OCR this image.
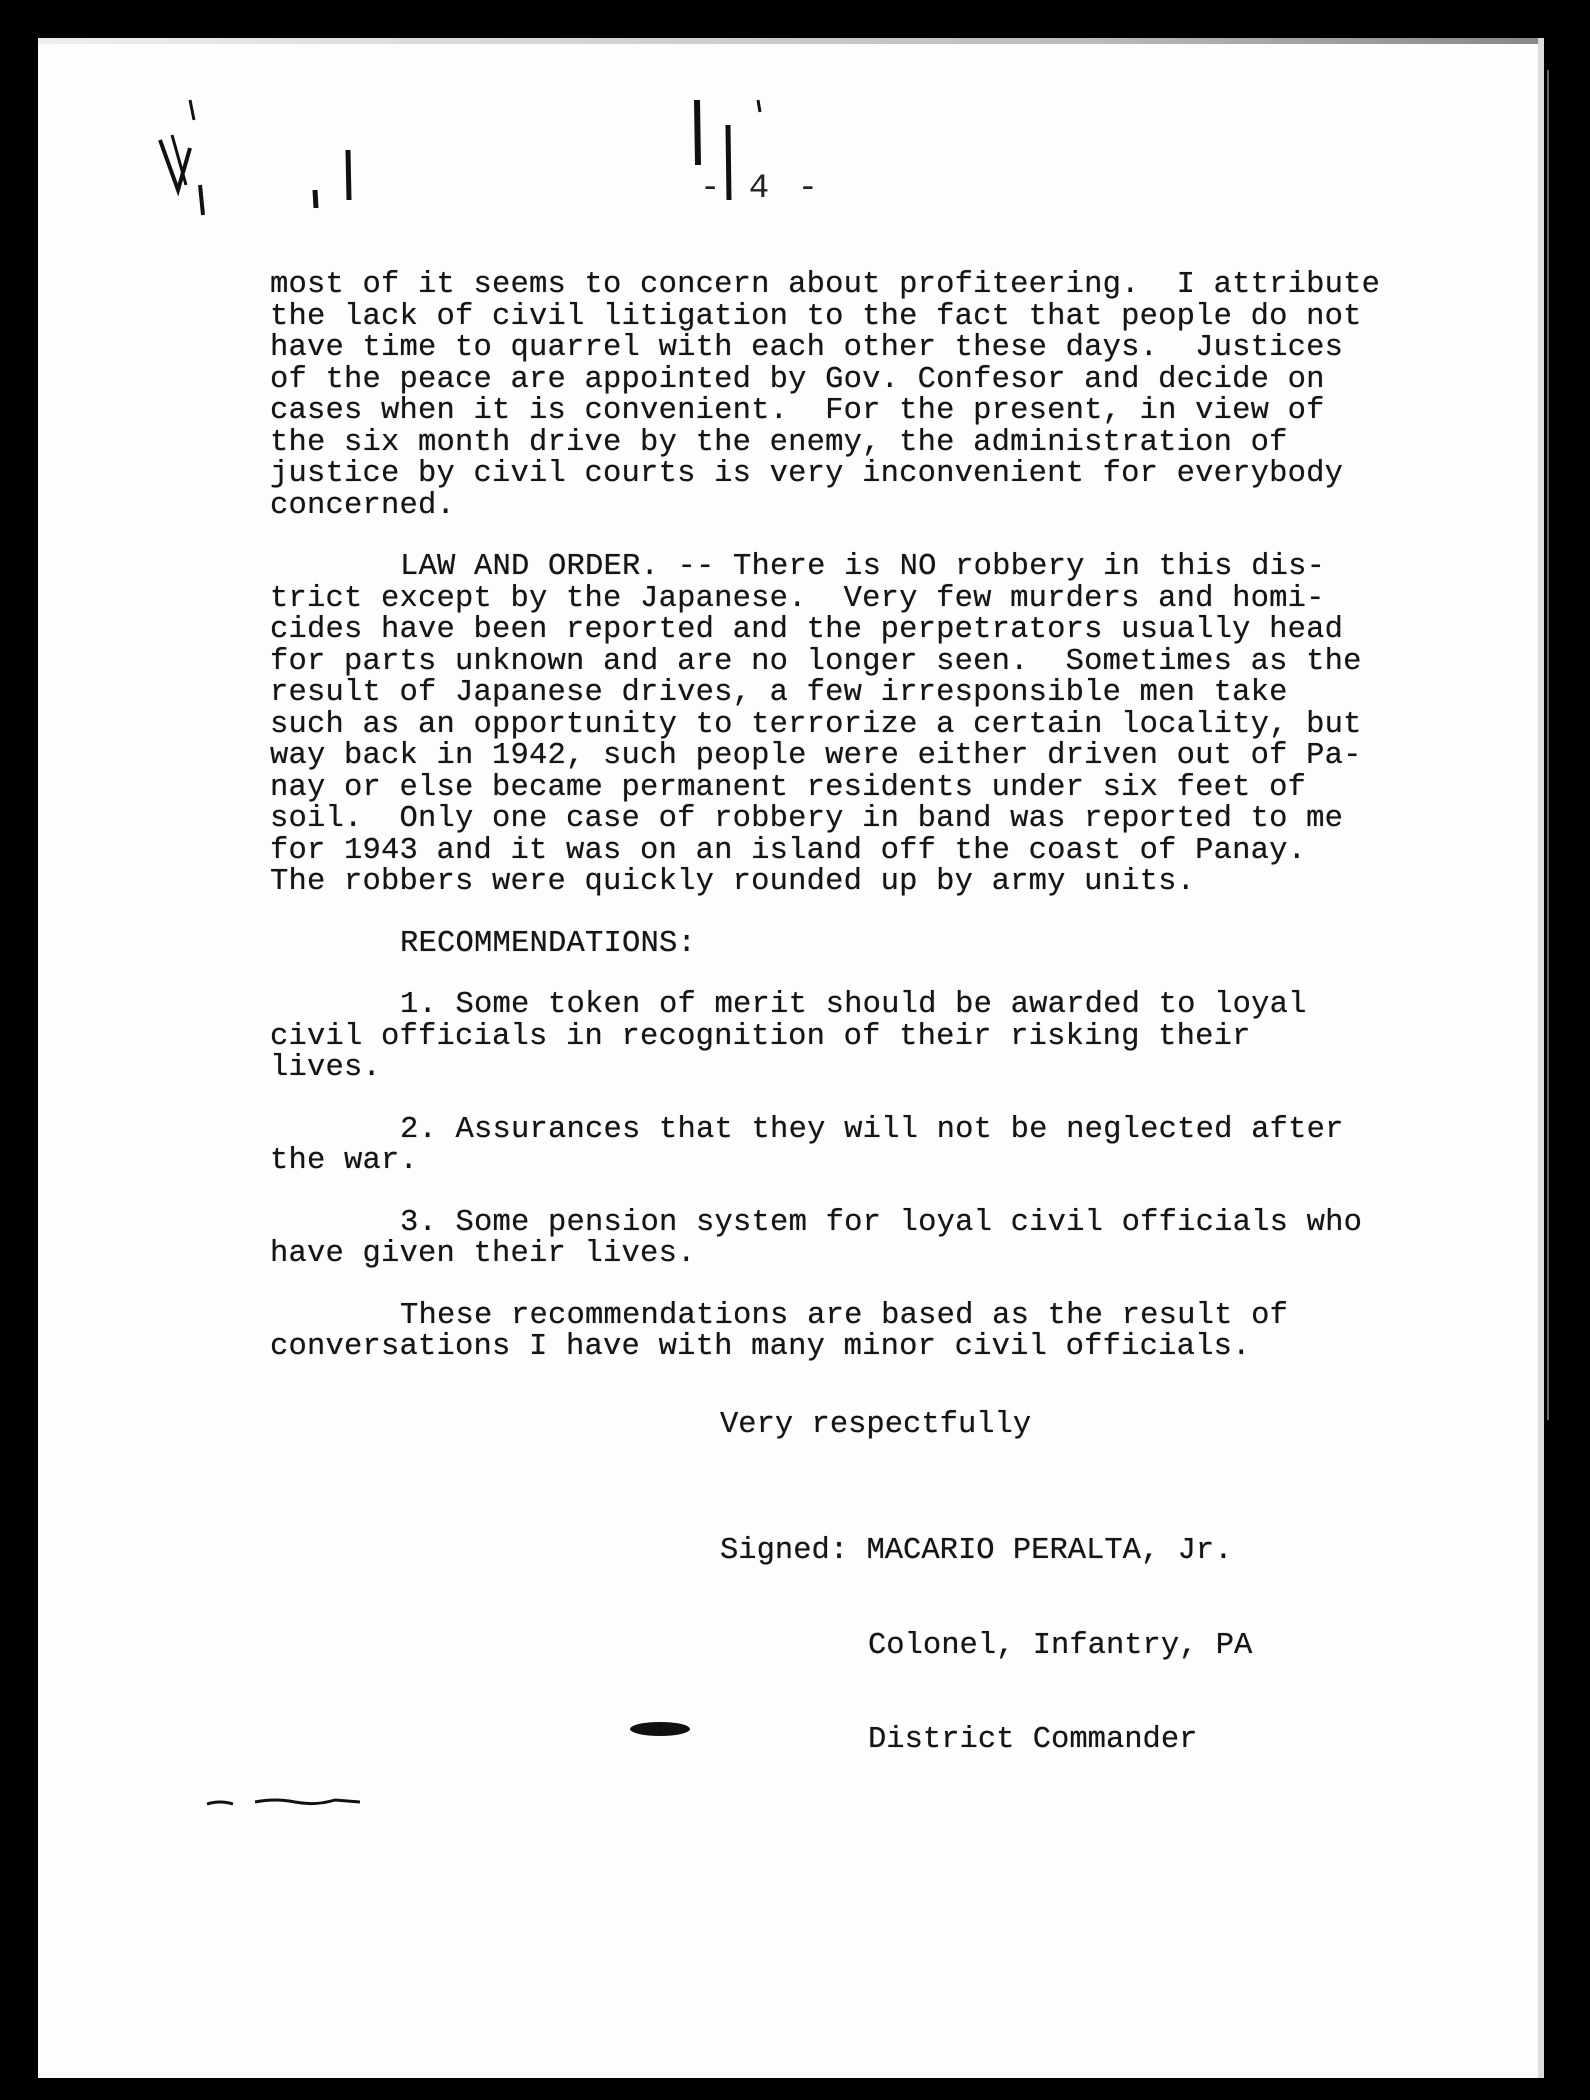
- 4 -
most of it seems to concern about profiteering.  I attribute
the lack of civil litigation to the fact that people do not
have time to quarrel with each other these days.  Justices
of the peace are appointed by Gov. Confesor and decide on
cases when it is convenient.  For the present, in view of
the six month drive by the enemy, the administration of
justice by civil courts is very inconvenient for everybody
concerned.
LAW AND ORDER. -- There is NO robbery in this dis-
trict except by the Japanese.  Very few murders and homi-
cides have been reported and the perpetrators usually head
for parts unknown and are no longer seen.  Sometimes as the
result of Japanese drives, a few irresponsible men take
such as an opportunity to terrorize a certain locality, but
way back in 1942, such people were either driven out of Pa-
nay or else became permanent residents under six feet of
soil.  Only one case of robbery in band was reported to me
for 1943 and it was on an island off the coast of Panay.
The robbers were quickly rounded up by army units.
RECOMMENDATIONS:
1. Some token of merit should be awarded to loyal
civil officials in recognition of their risking their
lives.
2. Assurances that they will not be neglected after
the war.
3. Some pension system for loyal civil officials who
have given their lives.
These recommendations are based as the result of
conversations I have with many minor civil officials.
Very respectfully

Signed: MACARIO PERALTA, Jr.

Colonel, Infantry, PA

District Commander
